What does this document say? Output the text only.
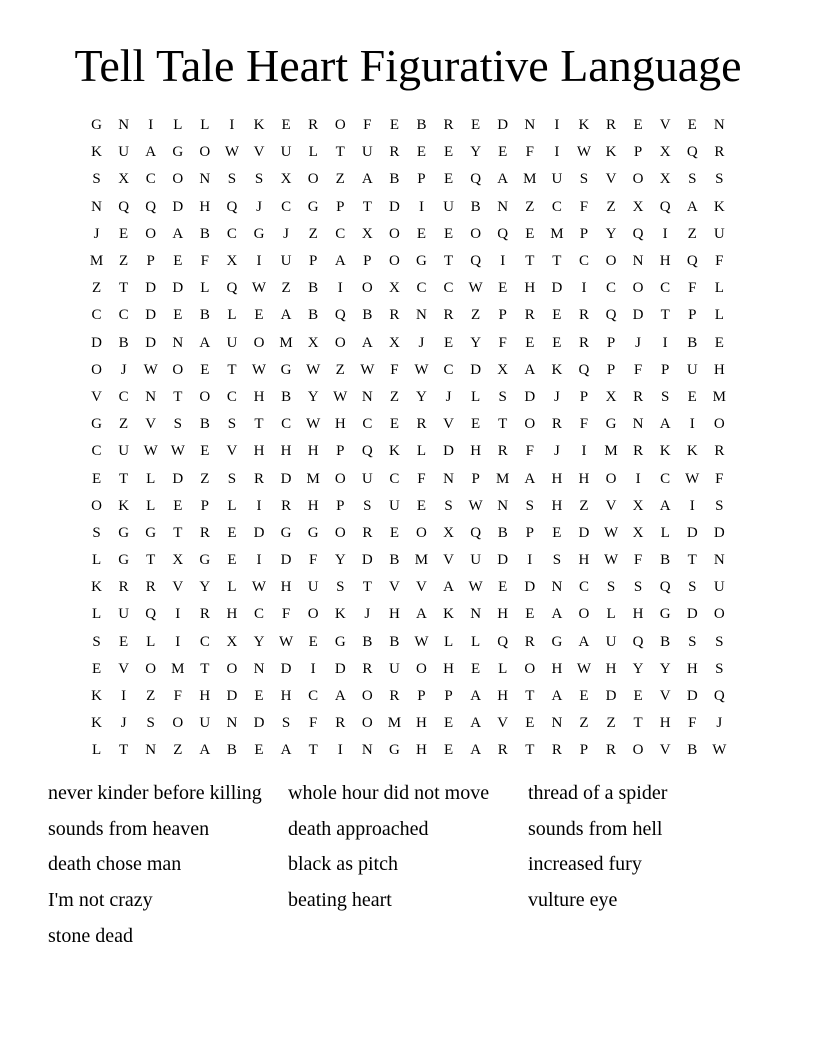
Tell Tale Heart Figurative Language
G	N	I	L	L	I	K	E	R	O	F	E	B	R	E	D	N	I	K	R	E	V	E	N
K	U	A	G	O W V	U	L	T	U	R	E	E	Y	E	F	I	W K	P	X	Q	R
S	X	C	O	N	S	S	X	O	Z	A	B	P	E	Q	A M U	S	V	O	X	S	S
N	Q	Q	D	H	Q	J	C	G	P	T	D	I	U	B	N	Z	C	F	Z	X	Q	A	K
J	E	O	A	B	C	G	J	Z	C	X	O	E	E	O	Q	E	M	P	Y	Q	I	Z	U
M	Z	P	E	F	X	I	U	P	A	P	O	G	T	Q	I	T	T	C	O	N	H	Q	F
Z	T	D	D	L	Q W	Z	B	I	O	X	C	C W	E	H	D	I	C	O	C	F	L
C	C	D	E	B	L	E	A	B	Q	B	R	N	R	Z	P	R	E	R	Q	D	T	P	L
D	B	D	N	A	U	O M X	O	A	X	J	E	Y	F	E	E	R	P	J	I	B	E
O	J	W O	E	T	W G W	Z	W	F	W C	D	X	A	K	Q	P	F	P	U	H
V	C	N	T	O	C	H	B	Y W N	Z	Y	J	L	S	D	J	P	X	R	S	E	M
G	Z	V	S	B	S	T	C W H	C	E	R	V	E	T	O	R	F	G	N	A	I	O
C	U W W	E	V	H	H	H	P	Q	K	L	D	H	R	F	J	I	M	R	K	K	R
E	T	L	D	Z	S	R	D M O	U	C	F	N	P	M A	H	H	O	I	C W	F
O	K	L	E	P	L	I	R	H	P	S	U	E	S	W N	S	H	Z	V	X	A	I	S
S	G	G	T	R	E	D	G	G	O	R	E	O	X	Q	B	P	E	D W X	L	D	D
L	G	T	X	G	E	I	D	F	Y	D	B	M V	U	D	I	S	H W	F	B	T	N
K	R	R	V	Y	L	W H	U	S	T	V	V	A W	E	D	N	C	S	S	Q	S	U
L	U	Q	I	R	H	C	F	O	K	J	H	A	K	N	H	E	A	O	L	H	G	D	O
S	E	L	I	C	X	Y W	E	G	B	B W	L	L	Q	R	G	A	U	Q	B	S	S
E	V	O M	T	O	N	D	I	D	R	U	O	H	E	L	O	H W H	Y	Y	H	S
K	I	Z	F	H	D	E	H	C	A	O	R	P	P	A	H	T	A	E	D	E	V	D	Q
K	J	S	O	U	N	D	S	F	R	O M H	E	A	V	E	N	Z	Z	T	H	F	J
L	T	N	Z	A	B	E	A	T	I	N	G	H	E	A	R	T	R	P	R	O	V	B W
never kinder before killing	whole hour did not move	thread of a spider
sounds from heaven	death approached	sounds from hell
death chose man	black as pitch	increased fury
I'm not crazy	beating heart	vulture eye
stone dead
